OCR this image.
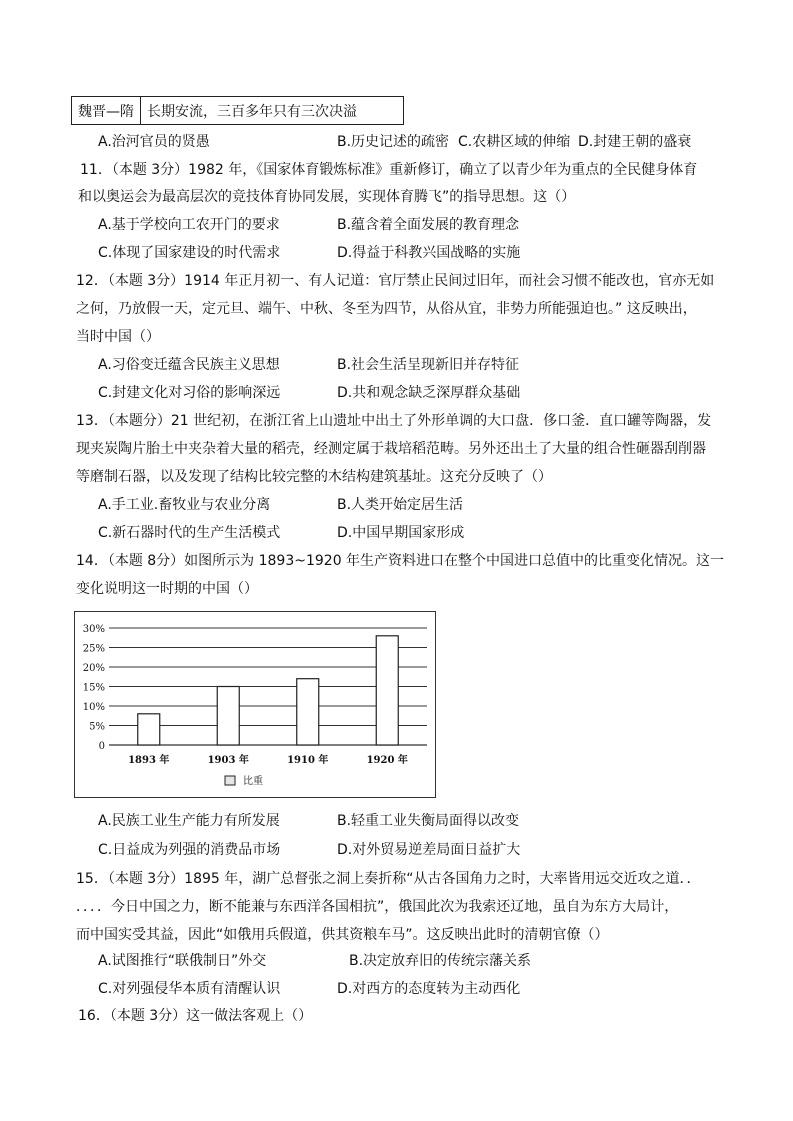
魏晋—隋	长期安流，三百多年只有三次决溢
A.治河官员的贤愚	B.历史记述的疏密 C.农耕区域的伸缩 D.封建王朝的盛衰
11．（本题 3分）1982 年，《国家体育锻炼标准》重新修订，确立了以青少年为重点的全民健身体育
和以奥运会为最高层次的竞技体育协同发展，实现体育腾飞”的指导思想。这（）
A.基于学校向工农开门的要求	B.蕴含着全面发展的教育理念
C.体现了国家建设的时代需求	D.得益于科教兴国战略的实施
12．（本题 3分）1914 年正月初一、有人记道：官厅禁止民间过旧年，而社会习惯不能改也，官亦无如
之何，乃放假一天，定元旦、端午、中秋、冬至为四节，从俗从宜，非势力所能强迫也。” 这反映出，
当时中国（）
A.习俗变迁蕴含民族主义思想	B.社会生活呈现新旧并存特征
C.封建文化对习俗的影响深远	D.共和观念缺乏深厚群众基础
13．（本题分）21 世纪初，在浙江省上山遗址中出土了外形单调的大口盘．侈口釜．直口罐等陶器，发
现夹炭陶片胎土中夹杂着大量的稻壳，经测定属于栽培稻范畴。另外还出土了大量的组合性砸器刮削器
等磨制石器，以及发现了结构比较完整的木结构建筑基址。这充分反映了（）
A.手工业.畜牧业与农业分离	B.人类开始定居生活
C.新石器时代的生产生活模式	D.中国早期国家形成
14．（本题 8分）如图所示为 1893~1920 年生产资料进口在整个中国进口总值中的比重变化情况。这一
变化说明这一时期的中国（）
0
5%
10%
15%
20%
25%
30%
1893 年	1903 年	1910 年	1920 年
比重
A.民族工业生产能力有所发展	B.轻重工业失衡局面得以改变
C.日益成为列强的消费品市场	D.对外贸易逆差局面日益扩大
15．（本题 3分）1895 年，湖广总督张之洞上奏折称“从古各国角力之时，大率皆用远交近攻之道．．
．．．．今日中国之力，断不能兼与东西洋各国相抗”，俄国此次为我索还辽地，虽自为东方大局计，
而中国实受其益，因此“如俄用兵假道，供其资粮车马”。这反映出此时的清朝官僚（）
A.试图推行“联俄制日”外交	B.决定放弃旧的传统宗藩关系
C.对列强侵华本质有清醒认识	D.对西方的态度转为主动西化
16．（本题 3分）这一做法客观上（）
